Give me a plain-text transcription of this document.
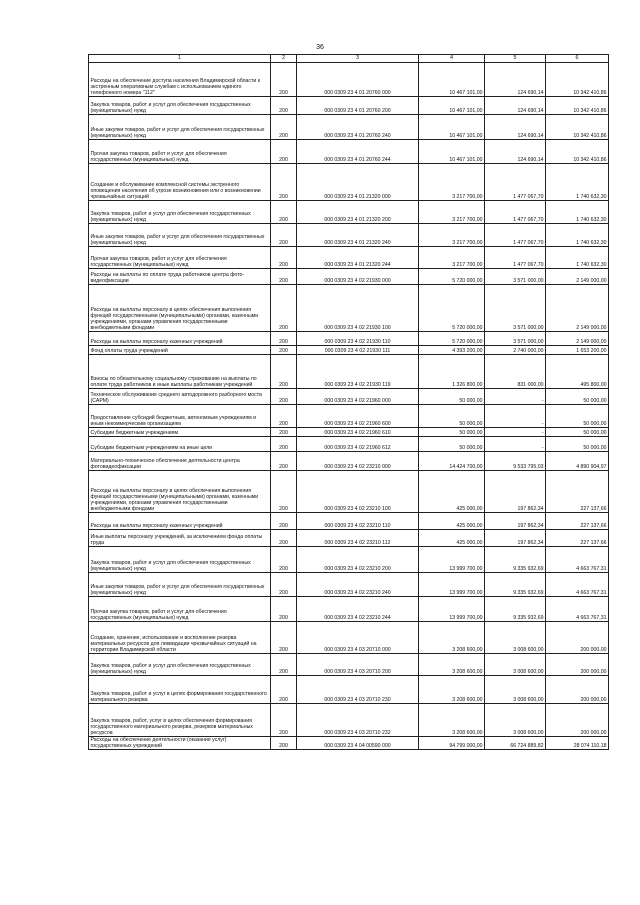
36
1	2	3	4	5	6
Расходы на обеспечение доступа населения Владимирской области к экстренным оперативным службам с использованием единого телефонного номера "112"	200	000 0309 23 4 01 20760 000	10 467 101,00	124 690,14	10 342 410,86
Закупка товаров, работ и услуг для обеспечения государственных (муниципальных) нужд	200	000 0309 23 4 01 20760 200	10 467 101,00	124 690,14	10 342 410,86
Иные закупки товаров, работ и услуг для обеспечения государственных (муниципальных) нужд	200	000 0309 23 4 01 20760 240	10 467 101,00	124 690,14	10 342 410,86
Прочая закупка товаров, работ и услуг для обеспечения государственных (муниципальных) нужд	200	000 0309 23 4 01 20760 244	10 467 101,00	124 690,14	10 342 410,86
Создание и обслуживание комплексной системы экстренного оповещения населения об угрозе возникновения или о возникновении чрезвычайных ситуаций	200	000 0309 23 4 01 21320 000	3 217 700,00	1 477 067,70	1 740 632,30
Закупка товаров, работ и услуг для обеспечения государственных (муниципальных) нужд	200	000 0309 23 4 01 21320 200	3 217 700,00	1 477 067,70	1 740 632,30
Иные закупки товаров, работ и услуг для обеспечения государственных (муниципальных) нужд	200	000 0309 23 4 01 21320 240	3 217 700,00	1 477 067,70	1 740 632,30
Прочая закупка товаров, работ и услуг для обеспечения государственных (муниципальных) нужд	200	000 0309 23 4 01 21320 244	3 217 700,00	1 477 067,70	1 740 632,30
Расходы на выплаты по оплате труда работников центра фото-видеофиксации	200	000 0309 23 4 02 21930 000	5 720 000,00	3 571 000,00	2 149 000,00
Расходы на выплаты персоналу в целях обеспечения выполнения функций государственными (муниципальными) органами, казенными учреждениями, органами управления государственными внебюджетными фондами	200	000 0309 23 4 02 21930 100	5 720 000,00	3 571 000,00	2 149 000,00
Расходы на выплаты персоналу казенных учреждений	200	000 0309 23 4 02 21930 110	5 720 000,00	3 571 000,00	2 149 000,00
Фонд оплаты труда учреждений	200	000 0309 23 4 02 21930 111	4 393 200,00	2 740 000,00	1 653 200,00
Взносы по обязательному социальному страхованию на выплаты по оплате труда работников и иные выплаты работникам учреждений	200	000 0309 23 4 02 21930 119	1 326 800,00	831 000,00	495 800,00
Техническое обслуживание среднего автодорожного разборного моста (САРМ)	200	000 0309 23 4 02 21960 000	50 000,00	-	50 000,00
Предоставление субсидий бюджетным, автономным учреждениям и иным некоммерческим организациям	200	000 0309 23 4 02 21960 600	50 000,00	-	50 000,00
Субсидии бюджетным учреждениям	200	000 0309 23 4 02 21960 610	50 000,00	-	50 000,00
Субсидии бюджетным учреждениям на иные цели	200	000 0309 23 4 02 21960 612	50 000,00	-	50 000,00
Материально-техническое обеспечение деятельности центра фотовидеофиксации	200	000 0309 23 4 02 23210 000	14 424 700,00	9 533 795,03	4 890 904,97
Расходы на выплаты персоналу в целях обеспечения выполнения функций государственными (муниципальными) органами, казенными учреждениями, органами управления государственными внебюджетными фондами	200	000 0309 23 4 02 23210 100	425 000,00	197 862,34	227 137,66
Расходы на выплаты персоналу казенных учреждений	200	000 0309 23 4 02 23210 110	425 000,00	197 862,34	227 137,66
Иные выплаты персоналу учреждений, за исключением фонда оплаты труда	200	000 0309 23 4 02 23210 112	425 000,00	197 862,34	227 137,66
Закупка товаров, работ и услуг для обеспечения государственных (муниципальных) нужд	200	000 0309 23 4 02 23210 200	13 999 700,00	9 335 932,69	4 663 767,31
Иные закупки товаров, работ и услуг для обеспечения государственных (муниципальных) нужд	200	000 0309 23 4 02 23210 240	13 999 700,00	9 335 932,69	4 663 767,31
Прочая закупка товаров, работ и услуг для обеспечения государственных (муниципальных) нужд	200	000 0309 23 4 02 23210 244	13 999 700,00	9 335 932,69	4 663 767,31
Создание, хранение, использование и восполнение резерва материальных ресурсов для ликвидации чрезвычайных ситуаций на территории Владимирской области	200	000 0309 23 4 03 20710 000	3 208 600,00	3 008 600,00	200 000,00
Закупка товаров, работ и услуг для обеспечения государственных (муниципальных) нужд	200	000 0309 23 4 03 20710 200	3 208 600,00	3 008 600,00	200 000,00
Закупка товаров, работ и услуг в целях формирования государственного материального резерва	200	000 0309 23 4 03 20710 230	3 208 600,00	3 008 600,00	200 000,00
Закупка товаров, работ, услуг в целях обеспечения формирования государственного материального резерва, резервов материальных ресурсов	200	000 0309 23 4 03 20710 232	3 208 600,00	3 008 600,00	200 000,00
Расходы на обеспечение деятельности (оказание услуг) государственных учреждений	200	000 0309 23 4 04 00590 000	94 799 000,00	66 724 889,82	28 074 110,18
